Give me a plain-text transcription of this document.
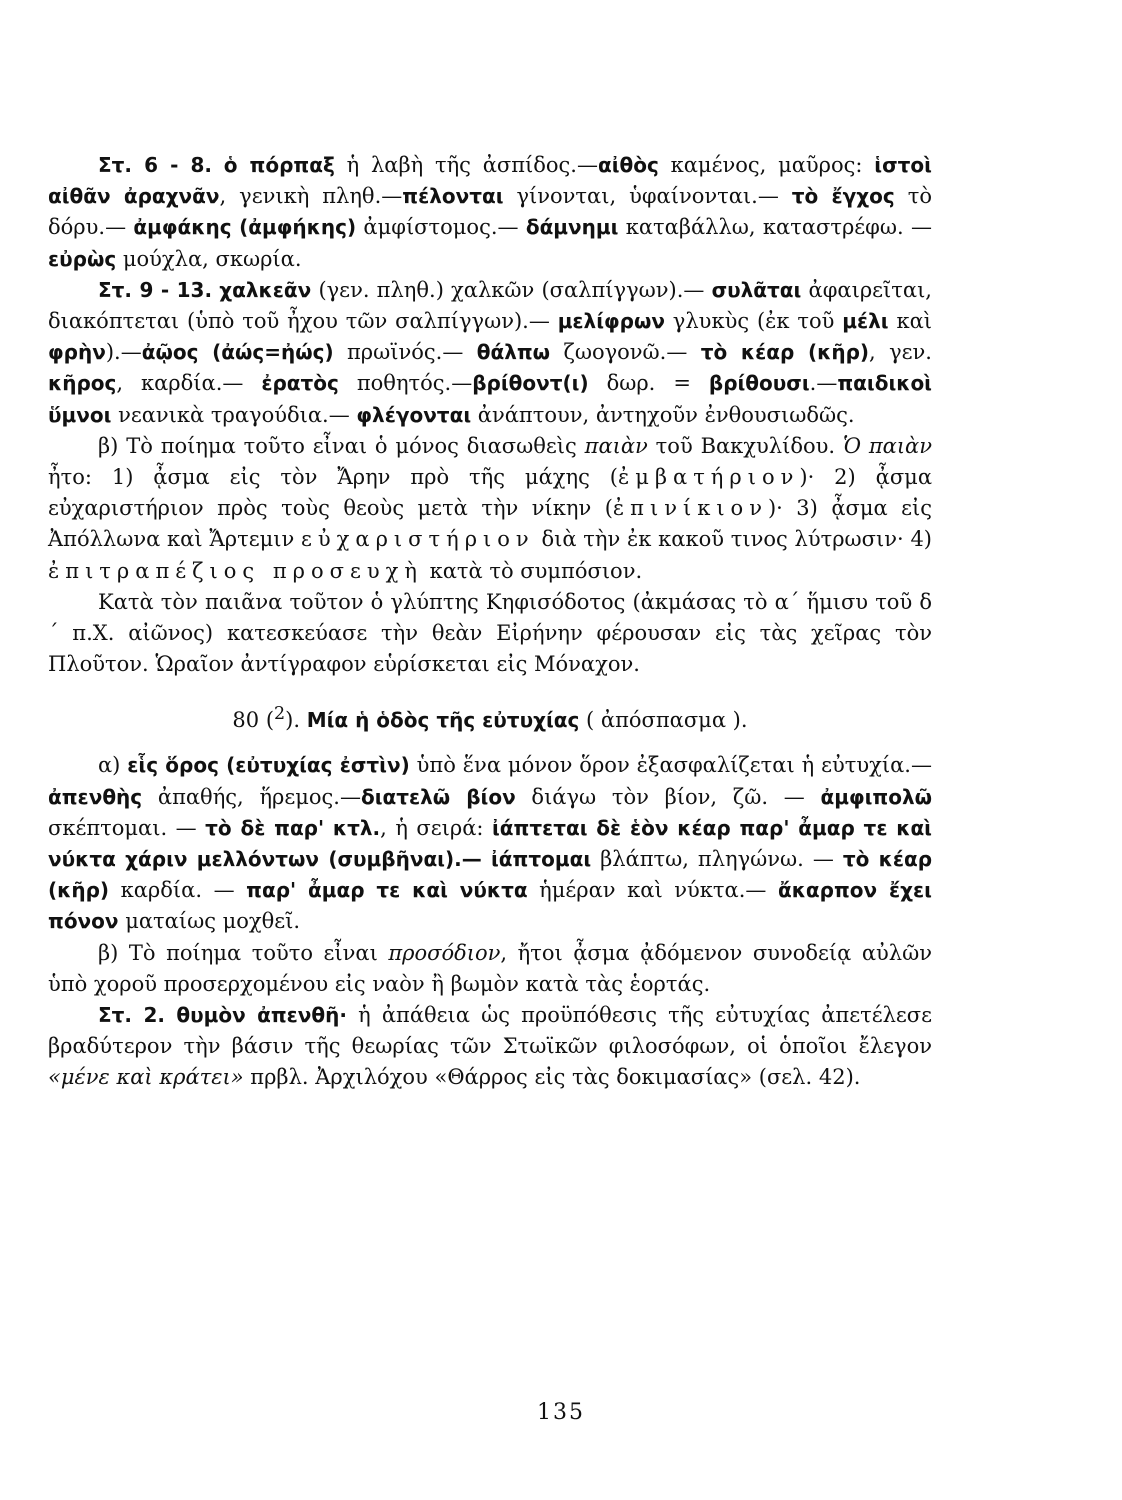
Στ. 6 - 8. ὁ πόρπαξ ἡ λαβὴ τῆς ἀσπίδος.—αἰθὸς καμένος, μαῦρος: ἱστοὶ αἰθᾶν ἀραχνᾶν, γενικὴ πληθ.—πέλονται γίνονται, ὑφαίνονται.— τὸ ἔγχος τὸ δόρυ.— ἀμφάκης (ἀμφήκης) ἀμφίστομος.— δάμνημι καταβάλλω, καταστρέφω. — εὐρὼς μούχλα, σκωρία.

Στ. 9 - 13. χαλκεᾶν (γεν. πληθ.) χαλκῶν (σαλπίγγων).— συλᾶται ἀφαιρεῖται, διακόπτεται (ὑπὸ τοῦ ἦχου τῶν σαλπίγγων).— μελίφρων γλυκὺς (ἐκ τοῦ μέλι καὶ φρὴν).—ἀῷος (ἀώς=ἠώς) πρωϊνός.— θάλπω ζωογονῶ.— τὸ κέαρ (κῆρ), γεν. κῆρος, καρδία.— ἐρατὸς ποθητός.—βρίθοντ(ι) δωρ. = βρίθουσι.—παιδικοὶ ὕμνοι νεανικὰ τραγούδια.— φλέγονται ἀνάπτουν, ἀντηχοῦν ἐνθουσιωδῶς.

β) Τὸ ποίημα τοῦτο εἶναι ὁ μόνος διασωθεὶς παιὰν τοῦ Βακχυλίδου. Ὁ παιὰν ἦτο: 1) ᾆσμα εἰς τὸν Ἄρην πρὸ τῆς μάχης (ἐμβατήριον)· 2) ᾆσμα εὐχαριστήριον πρὸς τοὺς θεοὺς μετὰ τὴν νίκην (ἐπινίκιον)· 3) ᾆσμα εἰς Ἀπόλλωνα καὶ Ἄρτεμιν εὐχαριστήριον διὰ τὴν ἐκ κακοῦ τινος λύτρωσιν· 4) ἐπιτραπέζιος προσευχὴ κατὰ τὸ συμπόσιον.

Κατὰ τὸν παιᾶνα τοῦτον ὁ γλύπτης Κηφισόδοτος (ἀκμάσας τὸ α´ ἥμισυ τοῦ δ´ π.Χ. αἰῶνος) κατεσκεύασε τὴν θεὰν Εἰρήνην φέρουσαν εἰς τὰς χεῖρας τὸν Πλοῦτον. Ὡραῖον ἀντίγραφον εὑρίσκεται εἰς Μόναχον.

80 ($^2$). Μία ἡ ὁδὸς τῆς εὐτυχίας ( ἀπόσπασμα ).

α) εἷς ὅρος (εὐτυχίας ἐστὶν) ὑπὸ ἕνα μόνον ὅρον ἐξασφαλίζεται ἡ εὐτυχία.—ἀπενθὴς ἀπαθής, ἥρεμος.—διατελῶ βίον διάγω τὸν βίον, ζῶ. — ἀμφιπολῶ σκέπτομαι. — τὸ δὲ παρ' κτλ., ἡ σειρά: ἰάπτεται δὲ ἑὸν κέαρ παρ' ἆμαρ τε καὶ νύκτα χάριν μελλόντων (συμβῆναι).— ἰάπτομαι βλάπτω, πληγώνω. — τὸ κέαρ (κῆρ) καρδία. — παρ' ἆμαρ τε καὶ νύκτα ἡμέραν καὶ νύκτα.— ἄκαρπον ἔχει πόνον ματαίως μοχθεῖ.

β) Τὸ ποίημα τοῦτο εἶναι προσόδιον, ἤτοι ᾆσμα ᾀδόμενον συνοδείᾳ αὐλῶν ὑπὸ χοροῦ προσερχομένου εἰς ναὸν ἢ βωμὸν κατὰ τὰς ἑορτάς.

Στ. 2. θυμὸν ἀπενθῆ· ἡ ἀπάθεια ὡς προϋπόθεσις τῆς εὐτυχίας ἀπετέλεσε βραδύτερον τὴν βάσιν τῆς θεωρίας τῶν Στωϊκῶν φιλοσόφων, οἱ ὁποῖοι ἔλεγον «μένε καὶ κράτει» πρβλ. Ἀρχιλόχου «Θάρρος εἰς τὰς δοκιμασίας» (σελ. 42).

135
